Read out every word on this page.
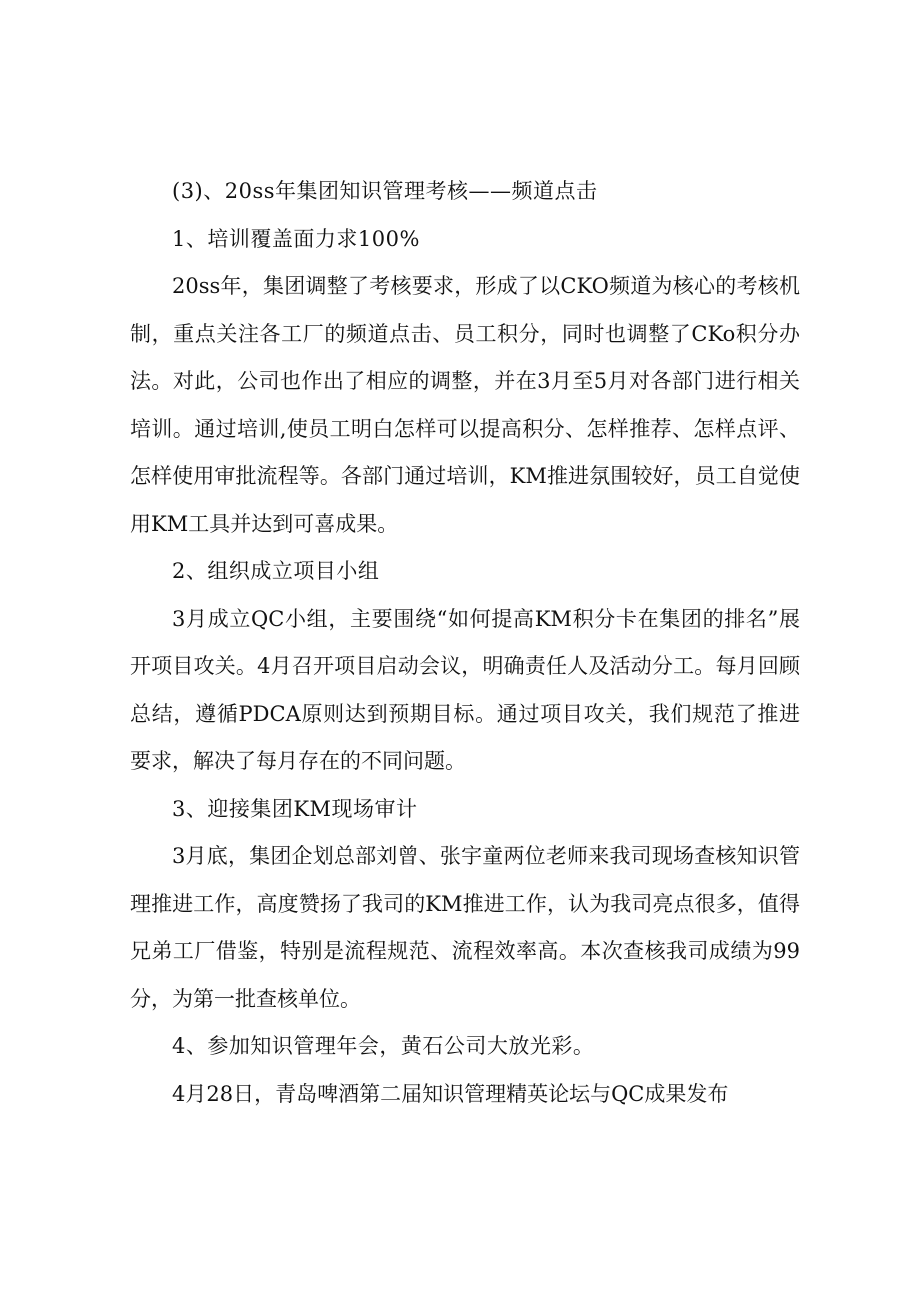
(3)、20ss年集团知识管理考核——频道点击

1、培训覆盖面力求100%

20ss年，集团调整了考核要求，形成了以CKO频道为核心的考核机制，重点关注各工厂的频道点击、员工积分，同时也调整了CKo积分办法。对此，公司也作出了相应的调整，并在3月至5月对各部门进行相关培训。通过培训,使员工明白怎样可以提高积分、怎样推荐、怎样点评、怎样使用审批流程等。各部门通过培训，KM推进氛围较好，员工自觉使用KM工具并达到可喜成果。

2、组织成立项目小组

3月成立QC小组，主要围绕“如何提高KM积分卡在集团的排名”展开项目攻关。4月召开项目启动会议，明确责任人及活动分工。每月回顾总结，遵循PDCA原则达到预期目标。通过项目攻关，我们规范了推进要求，解决了每月存在的不同问题。

3、迎接集团KM现场审计

3月底，集团企划总部刘曾、张宇童两位老师来我司现场查核知识管理推进工作，高度赞扬了我司的KM推进工作，认为我司亮点很多，值得兄弟工厂借鉴，特别是流程规范、流程效率高。本次查核我司成绩为99分，为第一批查核单位。

4、参加知识管理年会，黄石公司大放光彩。

4月28日，青岛啤酒第二届知识管理精英论坛与QC成果发布
